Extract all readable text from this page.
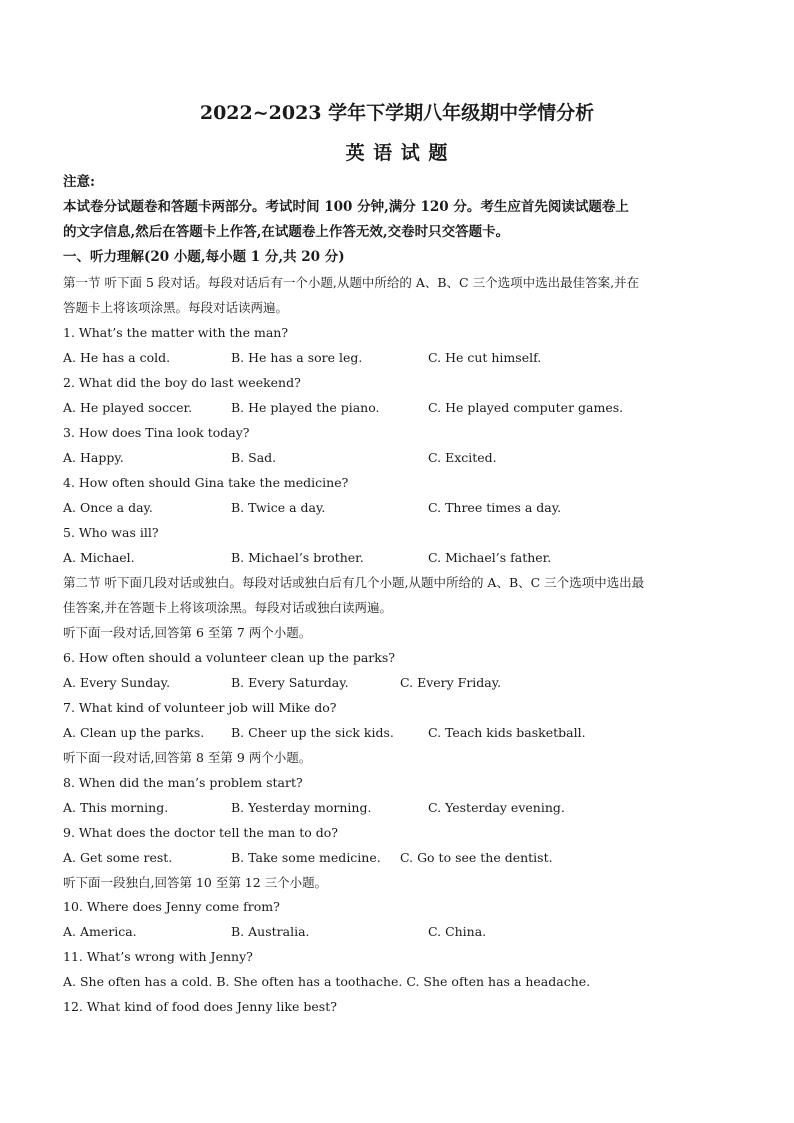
2022~2023 学年下学期八年级期中学情分析
英 语 试 题
注意:
本试卷分试题卷和答题卡两部分。考试时间 100 分钟,满分 120 分。考生应首先阅读试题卷上
的文字信息,然后在答题卡上作答,在试题卷上作答无效,交卷时只交答题卡。
一、听力理解(20 小题,每小题 1 分,共 20 分)
第一节 听下面 5 段对话。每段对话后有一个小题,从题中所给的 A、B、C 三个选项中选出最佳答案,并在
答题卡上将该项涂黑。每段对话读两遍。
1. What’s the matter with the man?
A. He has a cold.	B. He has a sore leg.	C. He cut himself.
2. What did the boy do last weekend?
A. He played soccer.	B. He played the piano.	C. He played computer games.
3. How does Tina look today?
A. Happy.	B. Sad.	C. Excited.
4. How often should Gina take the medicine?
A. Once a day.	B. Twice a day.	C. Three times a day.
5. Who was ill?
A. Michael.	B. Michael’s brother.	C. Michael’s father.
第二节 听下面几段对话或独白。每段对话或独白后有几个小题,从题中所给的 A、B、C 三个选项中选出最
佳答案,并在答题卡上将该项涂黑。每段对话或独白读两遍。
听下面一段对话,回答第 6 至第 7 两个小题。
6. How often should a volunteer clean up the parks?
A. Every Sunday.	B. Every Saturday.	C. Every Friday.
7. What kind of volunteer job will Mike do?
A. Clean up the parks. B. Cheer up the sick kids.	C. Teach kids basketball.
听下面一段对话,回答第 8 至第 9 两个小题。
8. When did the man’s problem start?
A. This morning.	B. Yesterday morning.	C. Yesterday evening.
9. What does the doctor tell the man to do?
A. Get some rest.	B. Take some medicine. C. Go to see the dentist.
听下面一段独白,回答第 10 至第 12 三个小题。
10. Where does Jenny come from?
A. America.	B. Australia.	C. China.
11. What’s wrong with Jenny?
A. She often has a cold. B. She often has a toothache. C. She often has a headache.
12. What kind of food does Jenny like best?
